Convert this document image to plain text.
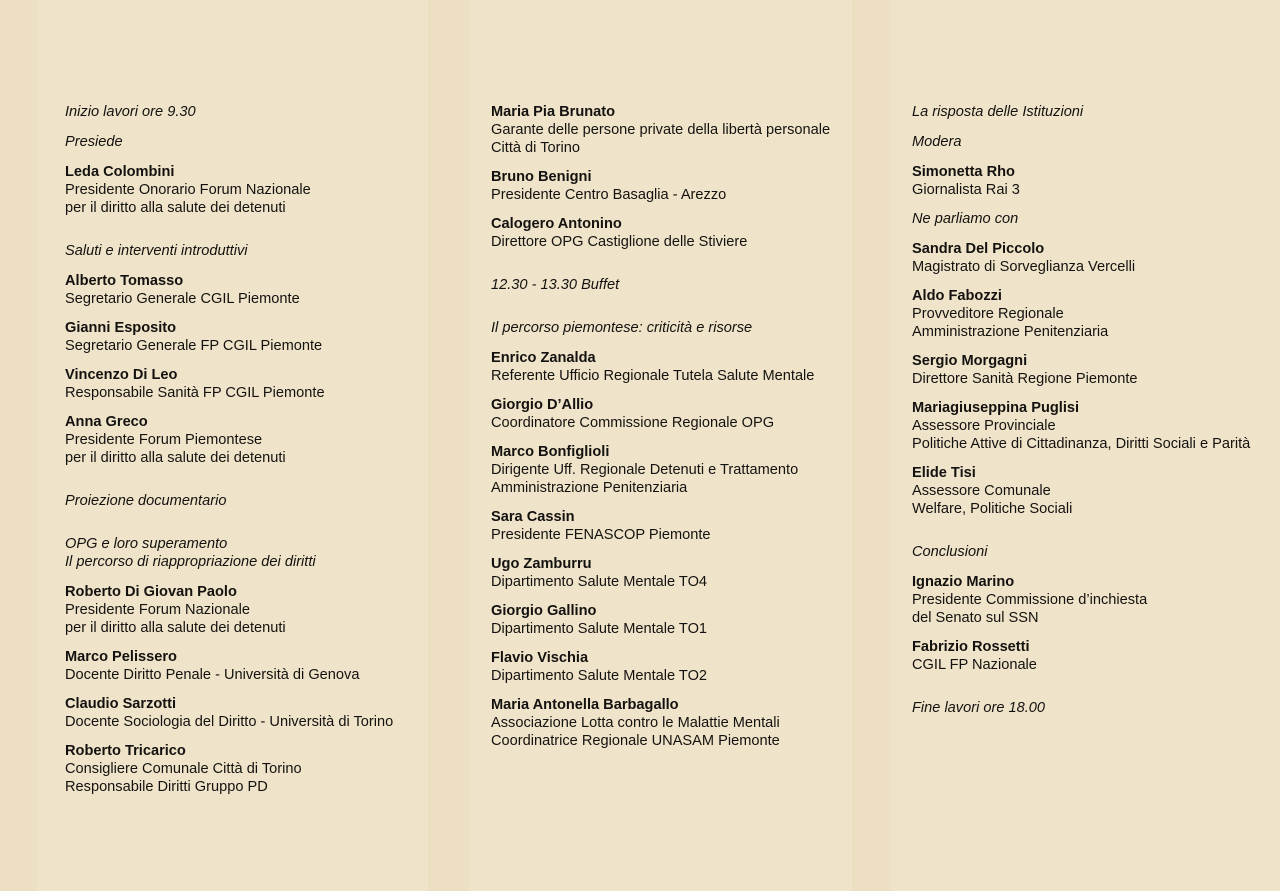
Inizio lavori ore 9.30
Presiede
Leda Colombini
Presidente Onorario Forum Nazionale
per il diritto alla salute dei detenuti
Saluti e interventi introduttivi
Alberto Tomasso
Segretario Generale CGIL Piemonte
Gianni Esposito
Segretario Generale FP CGIL Piemonte
Vincenzo Di Leo
Responsabile Sanità FP CGIL Piemonte
Anna Greco
Presidente Forum Piemontese
per il diritto alla salute dei detenuti
Proiezione documentario
OPG e loro superamento
Il percorso di riappropriazione dei diritti
Roberto Di Giovan Paolo
Presidente Forum Nazionale
per il diritto alla salute dei detenuti
Marco Pelissero
Docente Diritto Penale - Università di Genova
Claudio Sarzotti
Docente Sociologia del Diritto - Università di Torino
Roberto Tricarico
Consigliere Comunale Città di Torino
Responsabile Diritti Gruppo PD
Maria Pia Brunato
Garante delle persone private della libertà personale
Città di Torino
Bruno Benigni
Presidente Centro Basaglia - Arezzo
Calogero Antonino
Direttore OPG Castiglione delle Stiviere
12.30 - 13.30 Buffet
Il percorso piemontese: criticità e risorse
Enrico Zanalda
Referente Ufficio Regionale Tutela Salute Mentale
Giorgio D’Allio
Coordinatore Commissione Regionale OPG
Marco Bonfiglioli
Dirigente Uff. Regionale Detenuti e Trattamento
Amministrazione Penitenziaria
Sara Cassin
Presidente FENASCOP Piemonte
Ugo Zamburru
Dipartimento Salute Mentale TO4
Giorgio Gallino
Dipartimento Salute Mentale TO1
Flavio Vischia
Dipartimento Salute Mentale TO2
Maria Antonella Barbagallo
Associazione Lotta contro le Malattie Mentali
Coordinatrice Regionale UNASAM Piemonte
La risposta delle Istituzioni
Modera
Simonetta Rho
Giornalista Rai 3
Ne parliamo con
Sandra Del Piccolo
Magistrato di Sorveglianza Vercelli
Aldo Fabozzi
Provveditore Regionale
Amministrazione Penitenziaria
Sergio Morgagni
Direttore Sanità Regione Piemonte
Mariagiuseppina Puglisi
Assessore Provinciale
Politiche Attive di Cittadinanza, Diritti Sociali e Parità
Elide Tisi
Assessore Comunale
Welfare, Politiche Sociali
Conclusioni
Ignazio Marino
Presidente Commissione d’inchiesta
del Senato sul SSN
Fabrizio Rossetti
CGIL FP Nazionale
Fine lavori ore 18.00
